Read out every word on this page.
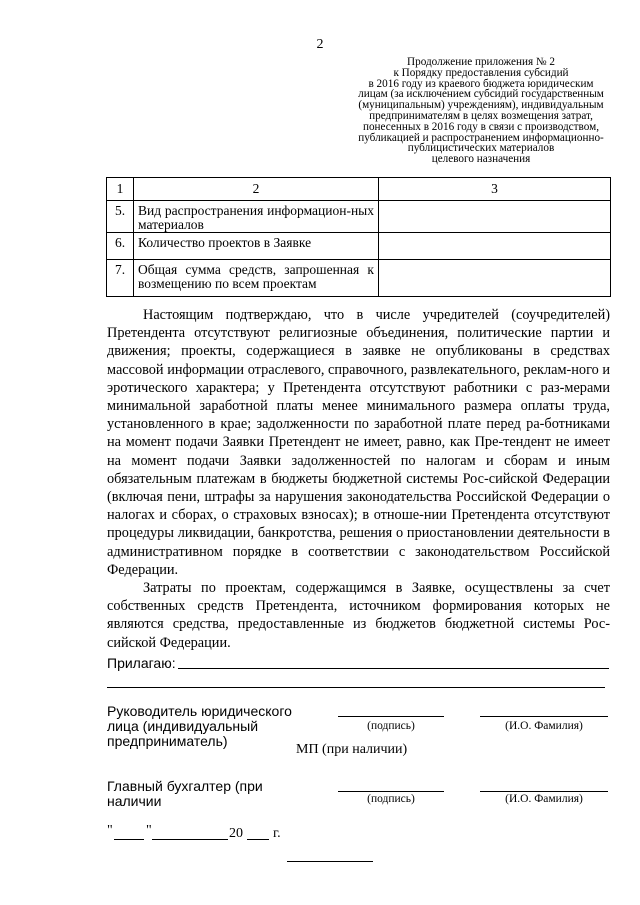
2
Продолжение приложения № 2
к Порядку предоставления субсидий
в 2016 году из краевого бюджета юридическим
лицам (за исключением субсидий государственным
(муниципальным) учреждениям), индивидуальным
предпринимателям в целях возмещения затрат,
понесенных в 2016 году в связи с производством,
публикацией и распространением информационно-
публицистических материалов
целевого назначения
1	2	3
5.	Вид распространения информацион-ных материалов	
6.	Количество проектов в Заявке	
7.	Общая сумма средств, запрошенная к возмещению по всем проектам	

Настоящим подтверждаю, что в числе учредителей (соучредителей) Претендента отсутствуют религиозные объединения, политические партии и движения; проекты, содержащиеся в заявке не опубликованы в средствах массовой информации отраслевого, справочного, развлекательного, реклам-ного и эротического характера; у Претендента отсутствуют работники с раз-мерами минимальной заработной платы менее минимального размера оплаты труда, установленного в крае; задолженности по заработной плате перед ра-ботниками на момент подачи Заявки Претендент не имеет, равно, как Пре-тендент не имеет на момент подачи Заявки задолженностей по налогам и сборам и иным обязательным платежам в бюджеты бюджетной системы Рос-сийской Федерации (включая пени, штрафы за нарушения законодательства Российской Федерации о налогах и сборах, о страховых взносах); в отноше-нии Претендента отсутствуют процедуры ликвидации, банкротства, решения о приостановлении деятельности в административном порядке в соответствии с законодательством Российской Федерации.

Затраты по проектам, содержащимся в Заявке, осуществлены за счет собственных средств Претендента, источником формирования которых не являются средства, предоставленные из бюджетов бюджетной системы Рос-сийской Федерации.

Прилагаю:
Руководитель юридического
лица (индивидуальный
предприниматель)
(подпись)	(И.О. Фамилия)
МП (при наличии)
Главный бухгалтер (при
наличии	(подпись)	(И.О. Фамилия)
" "	20 г.
